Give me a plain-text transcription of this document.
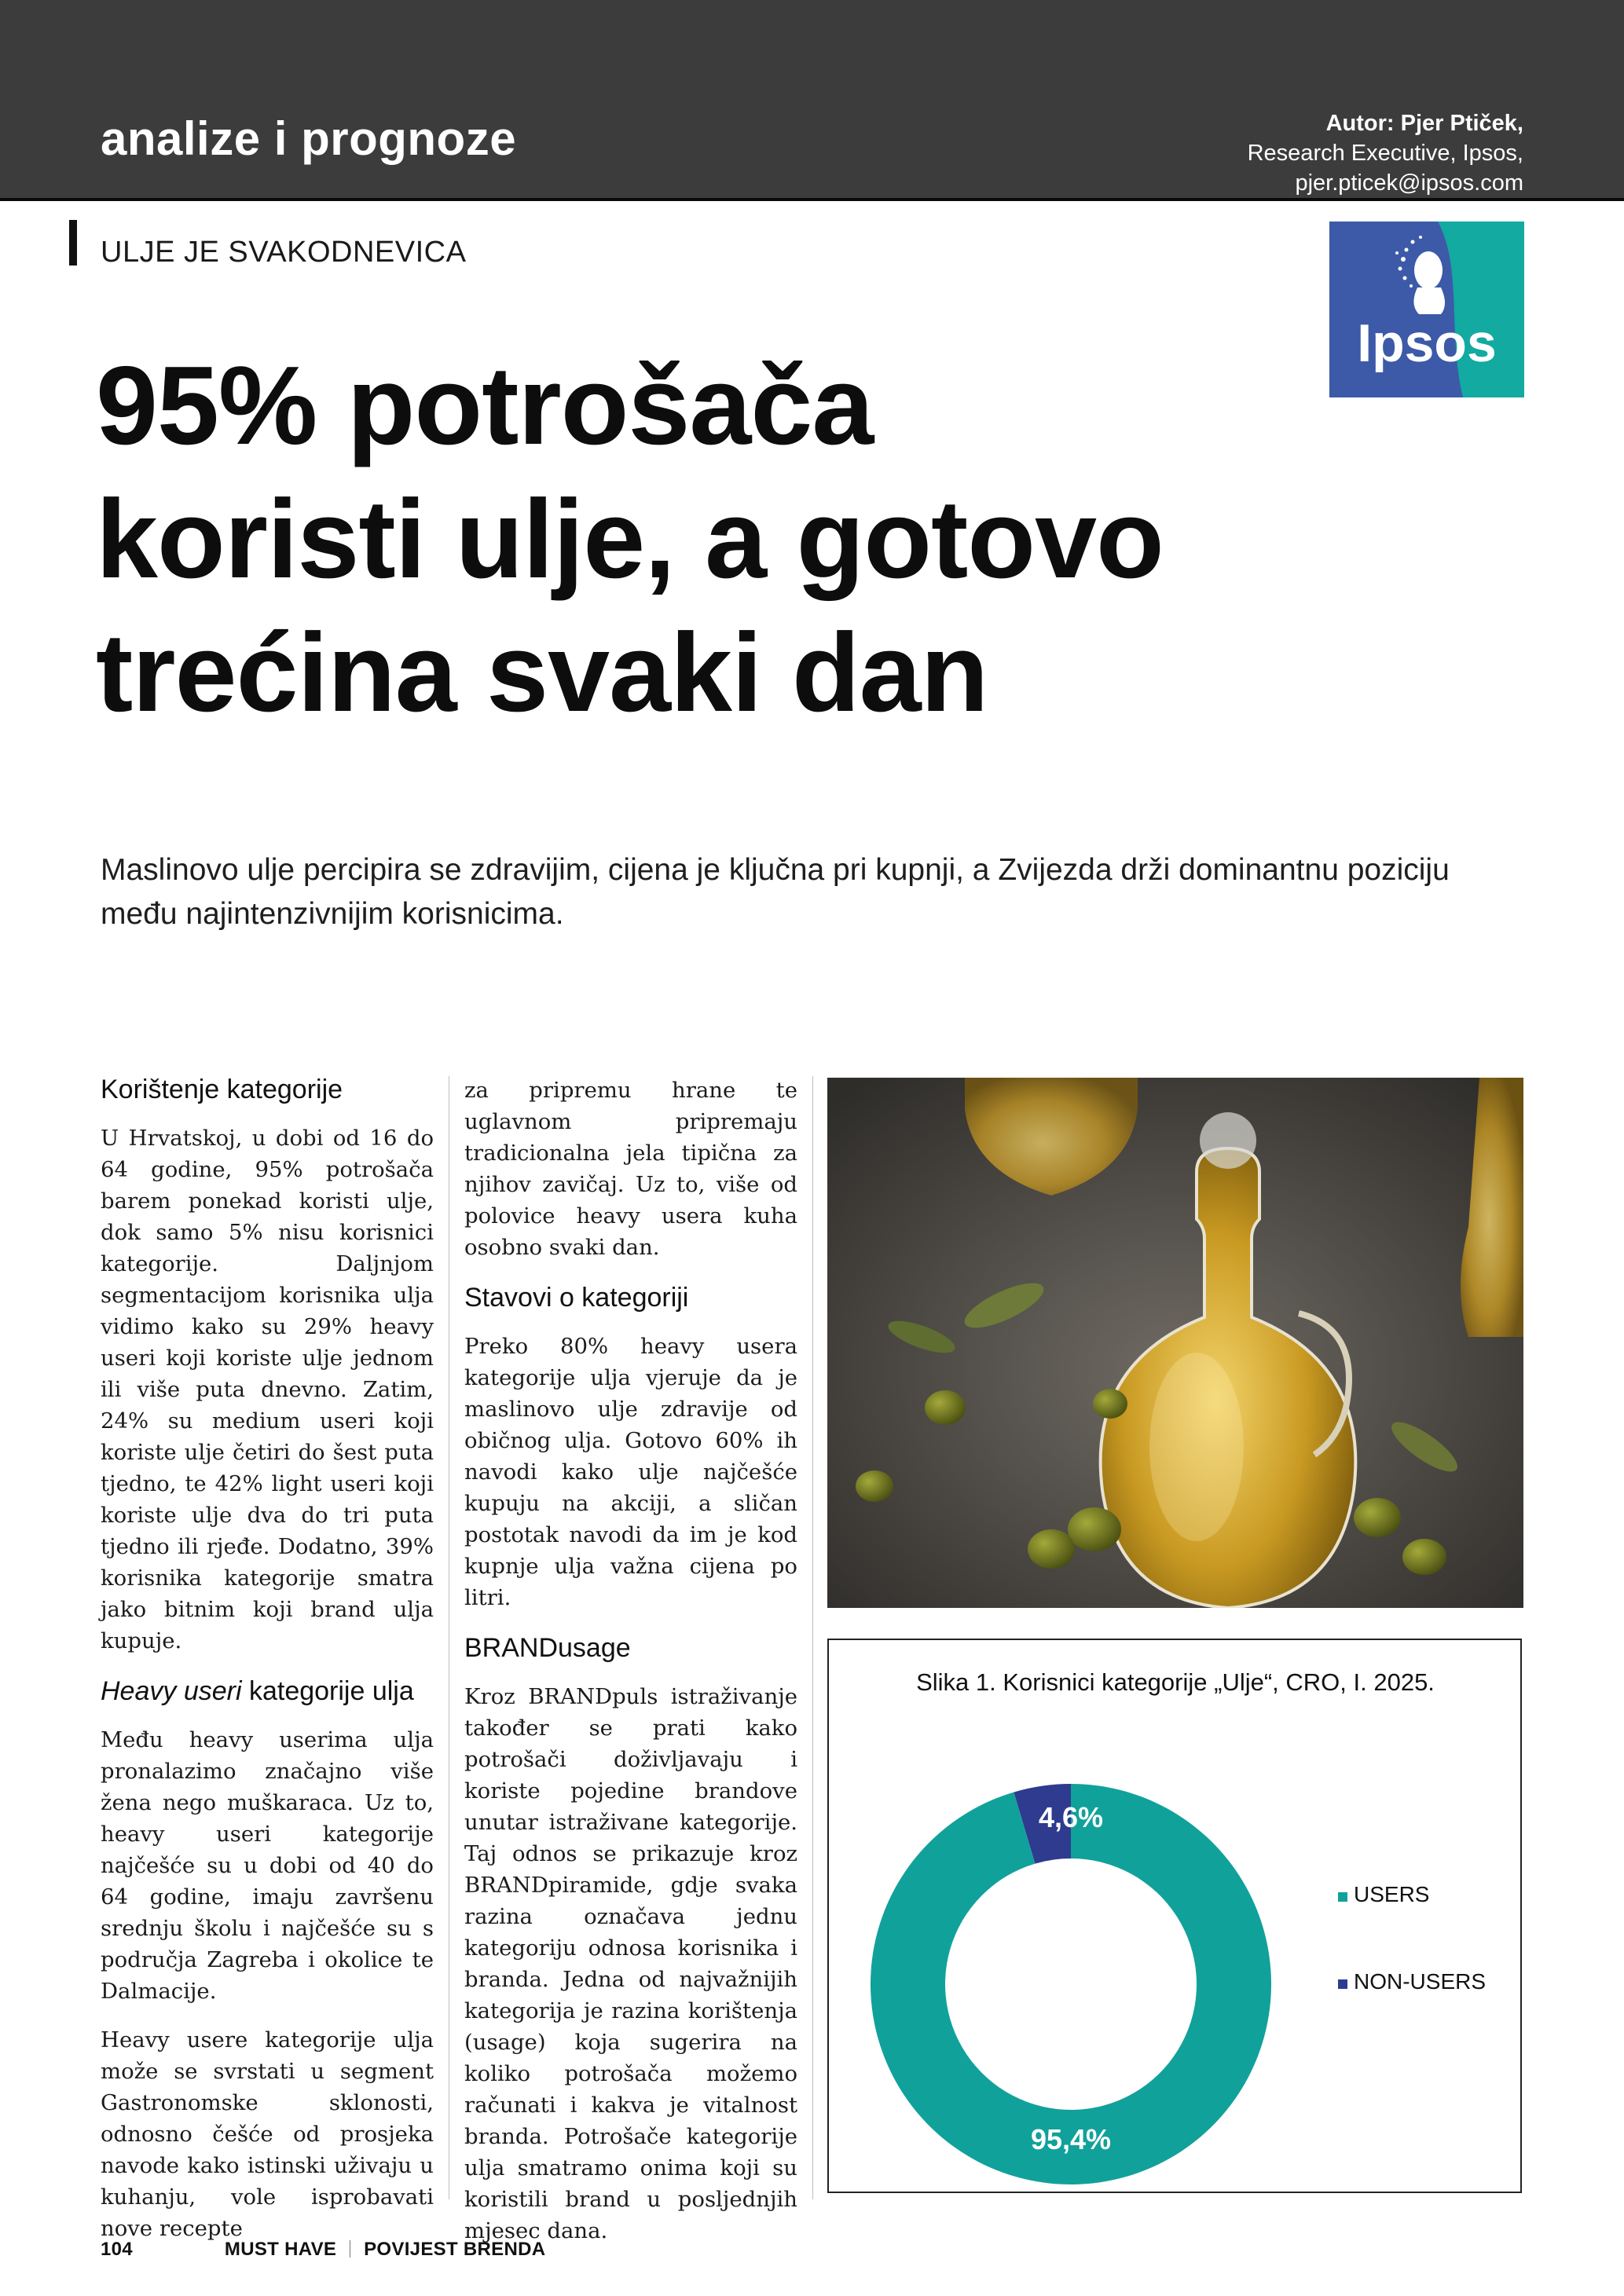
analize i prognoze	Autor: Pjer Ptiček,
Research Executive, Ipsos,
pjer.pticek@ipsos.com
ULJE JE SVAKODNEVICA
Ipsos
95% potrošača
koristi ulje, a gotovo
trećina svaki dan
Maslinovo ulje percipira se zdravijim, cijena je ključna pri kupnji, a Zvijezda drži dominantnu poziciju među najintenzivnijim korisnicima.
Korištenje kategorije

U Hrvatskoj, u dobi od 16 do 64 godine, 95% potrošača barem ponekad koristi ulje, dok samo 5% nisu korisnici kategorije. Daljnjom segmentacijom korisnika ulja vidimo kako su 29% heavy useri koji koriste ulje jednom ili više puta dnevno. Zatim, 24% su medium useri koji koriste ulje četiri do šest puta tjedno, te 42% light useri koji koriste ulje dva do tri puta tjedno ili rjeđe. Dodatno, 39% korisnika kategorije smatra jako bitnim koji brand ulja kupuje.

Heavy useri kategorije ulja

Među heavy userima ulja pronalazimo značajno više žena nego muškaraca. Uz to, heavy useri kategorije najčešće su u dobi od 40 do 64 godine, imaju završenu srednju školu i najčešće su s područja Zagreba i okolice te Dalmacije.

Heavy usere kategorije ulja može se svrstati u segment Gastronomske sklonosti, odnosno češće od prosjeka navode kako istinski uživaju u kuhanju, vole isprobavati nove recepte

za pripremu hrane te uglavnom pripremaju tradicionalna jela tipična za njihov zavičaj. Uz to, više od polovice heavy usera kuha osobno svaki dan.

Stavovi o kategoriji

Preko 80% heavy usera kategorije ulja vjeruje da je maslinovo ulje zdravije od običnog ulja. Gotovo 60% ih navodi kako ulje najčešće kupuju na akciji, a sličan postotak navodi da im je kod kupnje ulja važna cijena po litri.

BRANDusage

Kroz BRANDpuls istraživanje također se prati kako potrošači doživljavaju i koriste pojedine brandove unutar istraživane kategorije. Taj odnos se prikazuje kroz BRANDpiramide, gdje svaka razina označava jednu kategoriju odnosa korisnika i branda. Jedna od najvažnijih kategorija je razina korištenja (usage) koja sugerira na koliko potrošača možemo računati i kakva je vitalnost branda. Potrošače kategorije ulja smatramo onima koji su koristili brand u posljednjih mjesec dana.

Slika 1. Korisnici kategorije „Ulje“, CRO, I. 2025.
95,4%
4,6%
USERS
NON-USERS
104	MUST HAVE POVIJEST BRENDA
